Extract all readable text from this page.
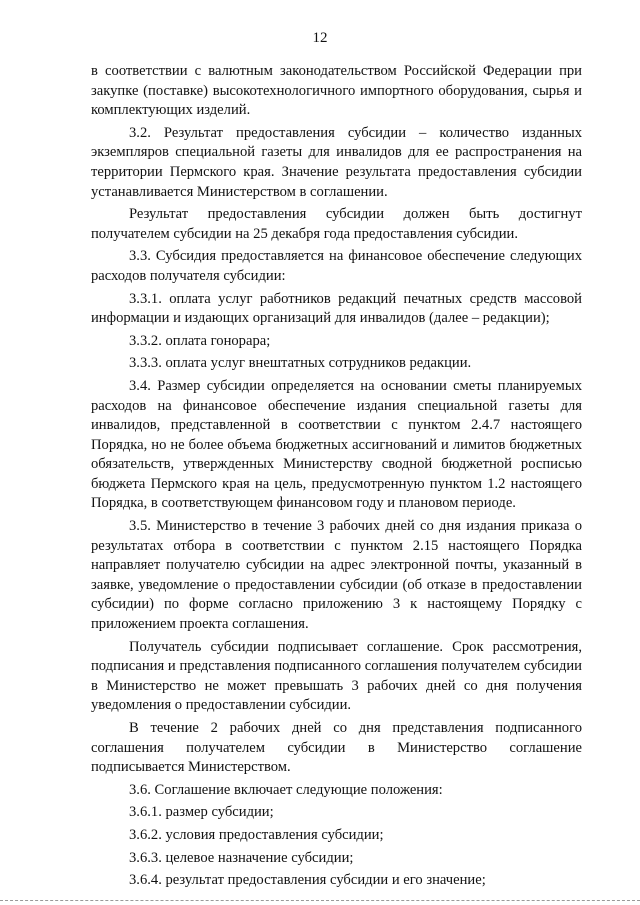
12

в соответствии с валютным законодательством Российской Федерации при закупке (поставке) высокотехнологичного импортного оборудования, сырья и комплектующих изделий.

3.2. Результат предоставления субсидии – количество изданных экземпляров специальной газеты для инвалидов для ее распространения на территории Пермского края. Значение результата предоставления субсидии устанавливается Министерством в соглашении.

Результат предоставления субсидии должен быть достигнут получателем субсидии на 25 декабря года предоставления субсидии.

3.3. Субсидия предоставляется на финансовое обеспечение следующих расходов получателя субсидии:

3.3.1. оплата услуг работников редакций печатных средств массовой информации и издающих организаций для инвалидов (далее – редакции);

3.3.2. оплата гонорара;

3.3.3. оплата услуг внештатных сотрудников редакции.

3.4. Размер субсидии определяется на основании сметы планируемых расходов на финансовое обеспечение издания специальной газеты для инвалидов, представленной в соответствии с пунктом 2.4.7 настоящего Порядка, но не более объема бюджетных ассигнований и лимитов бюджетных обязательств, утвержденных Министерству сводной бюджетной росписью бюджета Пермского края на цель, предусмотренную пунктом 1.2 настоящего Порядка, в соответствующем финансовом году и плановом периоде.

3.5. Министерство в течение 3 рабочих дней со дня издания приказа о результатах отбора в соответствии с пунктом 2.15 настоящего Порядка направляет получателю субсидии на адрес электронной почты, указанный в заявке, уведомление о предоставлении субсидии (об отказе в предоставлении субсидии) по форме согласно приложению 3 к настоящему Порядку с приложением проекта соглашения.

Получатель субсидии подписывает соглашение. Срок рассмотрения, подписания и представления подписанного соглашения получателем субсидии в Министерство не может превышать 3 рабочих дней со дня получения уведомления о предоставлении субсидии.

В течение 2 рабочих дней со дня представления подписанного соглашения получателем субсидии в Министерство соглашение подписывается Министерством.

3.6. Соглашение включает следующие положения:

3.6.1. размер субсидии;

3.6.2. условия предоставления субсидии;

3.6.3. целевое назначение субсидии;

3.6.4. результат предоставления субсидии и его значение;
